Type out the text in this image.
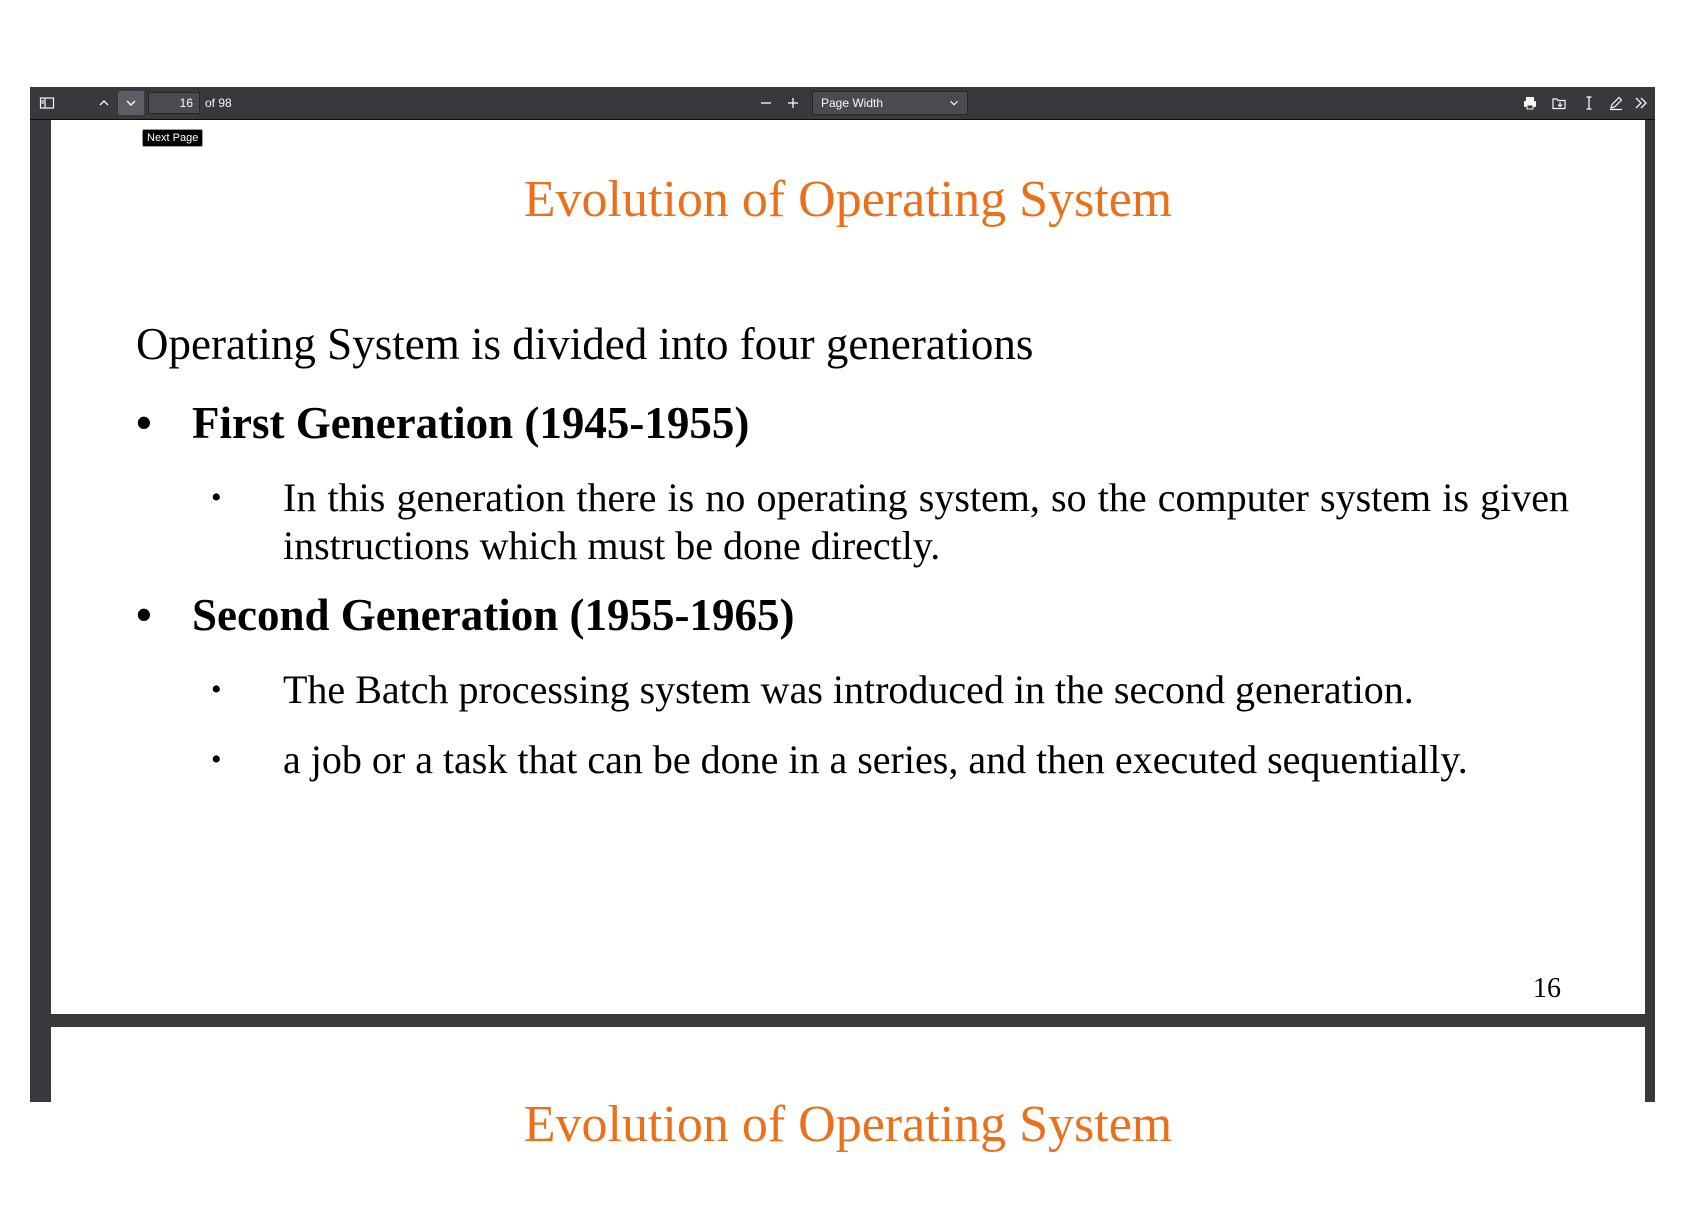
16	of 98	Page Width
Evolution of Operating System
Operating System is divided into four generations
• First Generation (1945-1955)
• In this generation there is no operating system, so the computer system is given instructions which must be done directly.
• Second Generation (1955-1965)
• The Batch processing system was introduced in the second generation.
• a job or a task that can be done in a series, and then executed sequentially.
16
Evolution of Operating System
Next Page
